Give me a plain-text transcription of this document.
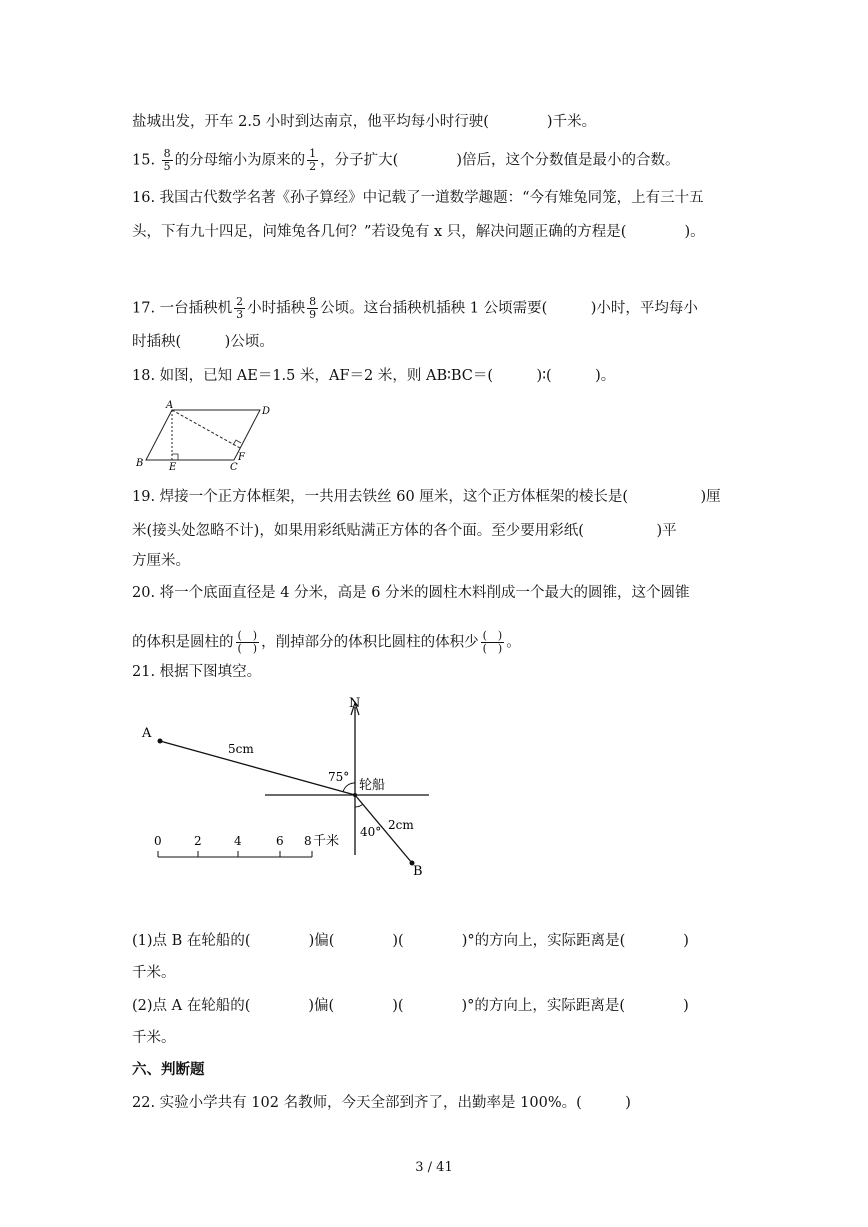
盐城出发，开车 2.5 小时到达南京，他平均每小时行驶(　　　　)千米。
15. $\frac{8}{5}$ 的分母缩小为原来的 $\frac{1}{2}$ ，分子扩大(　　　　)倍后，这个分数值是最小的合数。
16. 我国古代数学名著《孙子算经》中记载了一道数学趣题：“今有雉兔同笼，上有三十五
头，下有九十四足，问雉兔各几何？”若设兔有 x 只，解决问题正确的方程是(　　　　)。
17. 一台插秧机 $\frac{2}{3}$ 小时插秧 $\frac{8}{9}$ 公顷。这台插秧机插秧 1 公顷需要(　　　)小时，平均每小
时插秧(　　　)公顷。
18. 如图，已知 AE＝1.5 米，AF＝2 米，则 AB∶BC＝(　　　)∶(　　　)。
A
D
B	E	C
F
19. 焊接一个正方体框架，一共用去铁丝 60 厘米，这个正方体框架的棱长是(　　　　　)厘
米(接头处忽略不计)，如果用彩纸贴满正方体的各个面。至少要用彩纸(　　　　　)平
方厘米。
20. 将一个底面直径是 4 分米，高是 6 分米的圆柱木料削成一个最大的圆锥，这个圆锥
的体积是圆柱的 $\frac{( )}{( )}$ ，削掉部分的体积比圆柱的体积少 $\frac{( )}{( )}$ 。
21. 根据下图填空。
N
A
B
轮船
5cm
2cm
75°
40°
0	2	4	6 8 千米
(1)点 B 在轮船的(　　　　)偏(　　　　)(　　　　)°的方向上，实际距离是(　　　　)
千米。
(2)点 A 在轮船的(　　　　)偏(　　　　)(　　　　)°的方向上，实际距离是(　　　　)
千米。
六、判断题
22. 实验小学共有 102 名教师，今天全部到齐了，出勤率是 100%。(　　　)
3 / 41
